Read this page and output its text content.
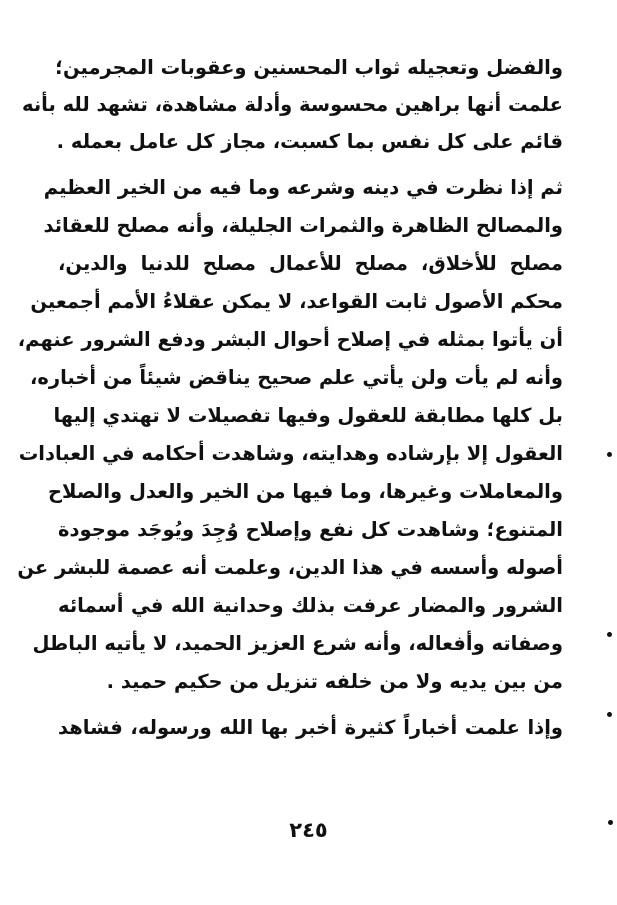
والفضل وتعجيله ثواب المحسنين وعقوبات المجرمين؛
علمت أنها براهين محسوسة وأدلة مشاهدة، تشهد لله بأنه
قائم على كل نفس بما كسبت، مجاز كل عامل بعمله .
ثم إذا نظرت في دينه وشرعه وما فيه من الخير العظيم
والمصالح الظاهرة والثمرات الجليلة، وأنه مصلح للعقائد
مصلح للأخلاق، مصلح للأعمال مصلح للدنيا والدين،
محكم الأصول ثابت القواعد، لا يمكن عقلاءُ الأمم أجمعين
أن يأتوا بمثله في إصلاح أحوال البشر ودفع الشرور عنهم،
وأنه لم يأت ولن يأتي علم صحيح يناقض شيئاً من أخباره،
بل كلها مطابقة للعقول وفيها تفصيلات لا تهتدي إليها
العقول إلا بإرشاده وهدايته، وشاهدت أحكامه في العبادات
والمعاملات وغيرها، وما فيها من الخير والعدل والصلاح
المتنوع؛ وشاهدت كل نفع وإصلاح وُجِدَ ويُوجَد موجودة
أصوله وأسسه في هذا الدين، وعلمت أنه عصمة للبشر عن
الشرور والمضار عرفت بذلك وحدانية الله في أسمائه
وصفاته وأفعاله، وأنه شرع العزيز الحميد، لا يأتيه الباطل
من بين يديه ولا من خلفه تنزيل من حكيم حميد .
وإذا علمت أخباراً كثيرة أخبر بها الله ورسوله، فشاهد
٢٤٥
